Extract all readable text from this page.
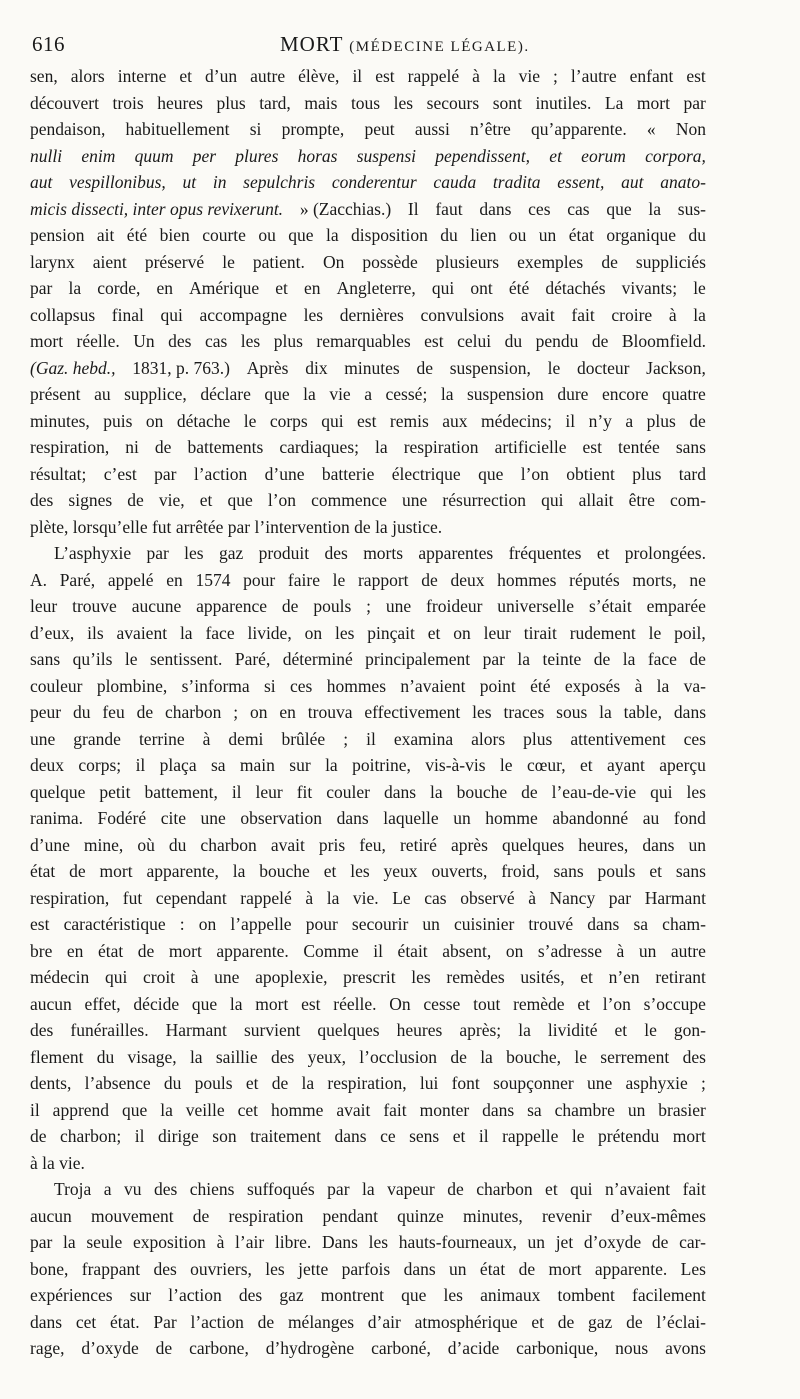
616	MORT (MÉDECINE LÉGALE).
sen, alors interne et d’un autre élève, il est rappelé à la vie ; l’autre enfant est
découvert trois heures plus tard, mais tous les secours sont inutiles. La mort par
pendaison, habituellement si prompte, peut aussi n’être qu’apparente. « Non
nulli enim quum per plures horas suspensi pependissent, et eorum corpora,
aut vespillonibus, ut in sepulchris conderentur cauda tradita essent, aut anato-
micis dissecti, inter opus revixerunt. » (Zacchias.) Il faut dans ces cas que la sus-
pension ait été bien courte ou que la disposition du lien ou un état organique du
larynx aient préservé le patient. On possède plusieurs exemples de suppliciés
par la corde, en Amérique et en Angleterre, qui ont été détachés vivants; le
collapsus final qui accompagne les dernières convulsions avait fait croire à la
mort réelle. Un des cas les plus remarquables est celui du pendu de Bloomfield.
(Gaz. hebd., 1831, p. 763.) Après dix minutes de suspension, le docteur Jackson,
présent au supplice, déclare que la vie a cessé; la suspension dure encore quatre
minutes, puis on détache le corps qui est remis aux médecins; il n’y a plus de
respiration, ni de battements cardiaques; la respiration artificielle est tentée sans
résultat; c’est par l’action d’une batterie électrique que l’on obtient plus tard
des signes de vie, et que l’on commence une résurrection qui allait être com-
plète,
lorsqu’elle
fut
arrêtée
par
l’intervention
de
la
justice.
L’asphyxie par les gaz produit des morts apparentes fréquentes et prolongées.
A. Paré, appelé en 1574 pour faire le rapport de deux hommes réputés morts, ne
leur trouve aucune apparence de pouls ; une froideur universelle s’était emparée
d’eux, ils avaient la face livide, on les pinçait et on leur tirait rudement le poil,
sans qu’ils le sentissent. Paré, déterminé principalement par la teinte de la face de
couleur plombine, s’informa si ces hommes n’avaient point été exposés à la va-
peur du feu de charbon ; on en trouva effectivement les traces sous la table, dans
une grande terrine à demi brûlée ; il examina alors plus attentivement ces
deux corps; il plaça sa main sur la poitrine, vis-à-vis le cœur, et ayant aperçu
quelque petit battement, il leur fit couler dans la bouche de l’eau-de-vie qui les
ranima. Fodéré cite une observation dans laquelle un homme abandonné au fond
d’une mine, où du charbon avait pris feu, retiré après quelques heures, dans un
état de mort apparente, la bouche et les yeux ouverts, froid, sans pouls et sans
respiration, fut cependant rappelé à la vie. Le cas observé à Nancy par Harmant
est caractéristique : on l’appelle pour secourir un cuisinier trouvé dans sa cham-
bre en état de mort apparente. Comme il était absent, on s’adresse à un autre
médecin qui croit à une apoplexie, prescrit les remèdes usités, et n’en retirant
aucun effet, décide que la mort est réelle. On cesse tout remède et l’on s’occupe
des funérailles. Harmant survient quelques heures après; la lividité et le gon-
flement du visage, la saillie des yeux, l’occlusion de la bouche, le serrement des
dents, l’absence du pouls et de la respiration, lui font soupçonner une asphyxie ;
il apprend que la veille cet homme avait fait monter dans sa chambre un brasier
de charbon; il dirige son traitement dans ce sens et il rappelle le prétendu mort
à
la
vie.
Troja a vu des chiens suffoqués par la vapeur de charbon et qui n’avaient fait
aucun mouvement de respiration pendant quinze minutes, revenir d’eux-mêmes
par la seule exposition à l’air libre. Dans les hauts-fourneaux, un jet d’oxyde de car-
bone, frappant des ouvriers, les jette parfois dans un état de mort apparente. Les
expériences sur l’action des gaz montrent que les animaux tombent facilement
dans cet état. Par l’action de mélanges d’air atmosphérique et de gaz de l’éclai-
rage, d’oxyde de carbone, d’hydrogène carboné, d’acide carbonique, nous avons
